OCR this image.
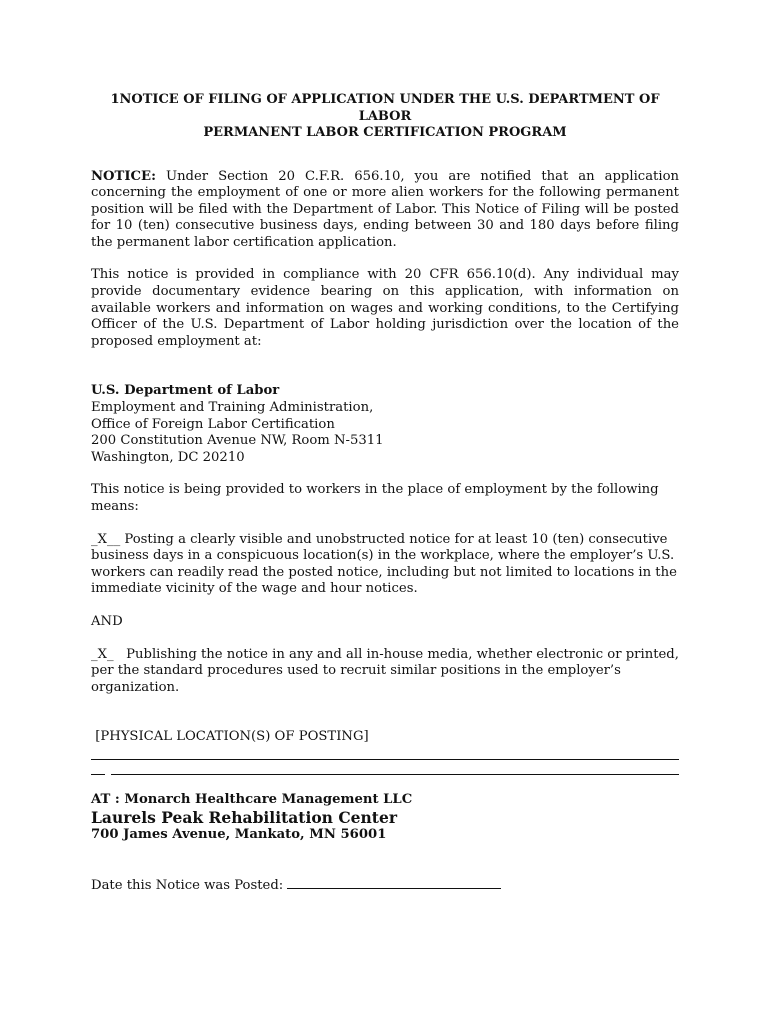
1NOTICE OF FILING OF APPLICATION UNDER THE U.S. DEPARTMENT OF
LABOR
PERMANENT LABOR CERTIFICATION PROGRAM

NOTICE: Under Section 20 C.F.R. 656.10, you are notified that an application concerning the employment of one or more alien workers for the following permanent position will be filed with the Department of Labor. This Notice of Filing will be posted for 10 (ten) consecutive business days, ending between 30 and 180 days before filing the permanent labor certification application.

This notice is provided in compliance with 20 CFR 656.10(d). Any individual may provide documentary evidence bearing on this application, with information on available workers and information on wages and working conditions, to the Certifying Officer of the U.S. Department of Labor holding jurisdiction over the location of the proposed employment at:

U.S. Department of Labor
Employment and Training Administration,
Office of Foreign Labor Certification
200 Constitution Avenue NW, Room N-5311
Washington, DC 20210

This notice is being provided to workers in the place of employment by the following means:

_X__ Posting a clearly visible and unobstructed notice for at least 10 (ten) consecutive business days in a conspicuous location(s) in the workplace, where the employer’s U.S. workers can readily read the posted notice, including but not limited to locations in the immediate vicinity of the wage and hour notices.

AND

_X_ Publishing the notice in any and all in-house media, whether electronic or printed, per the standard procedures used to recruit similar positions in the employer’s organization.

[PHYSICAL LOCATION(S) OF POSTING]

AT : Monarch Healthcare Management LLC
Laurels Peak Rehabilitation Center
700 James Avenue, Mankato, MN 56001

Date this Notice was Posted:
